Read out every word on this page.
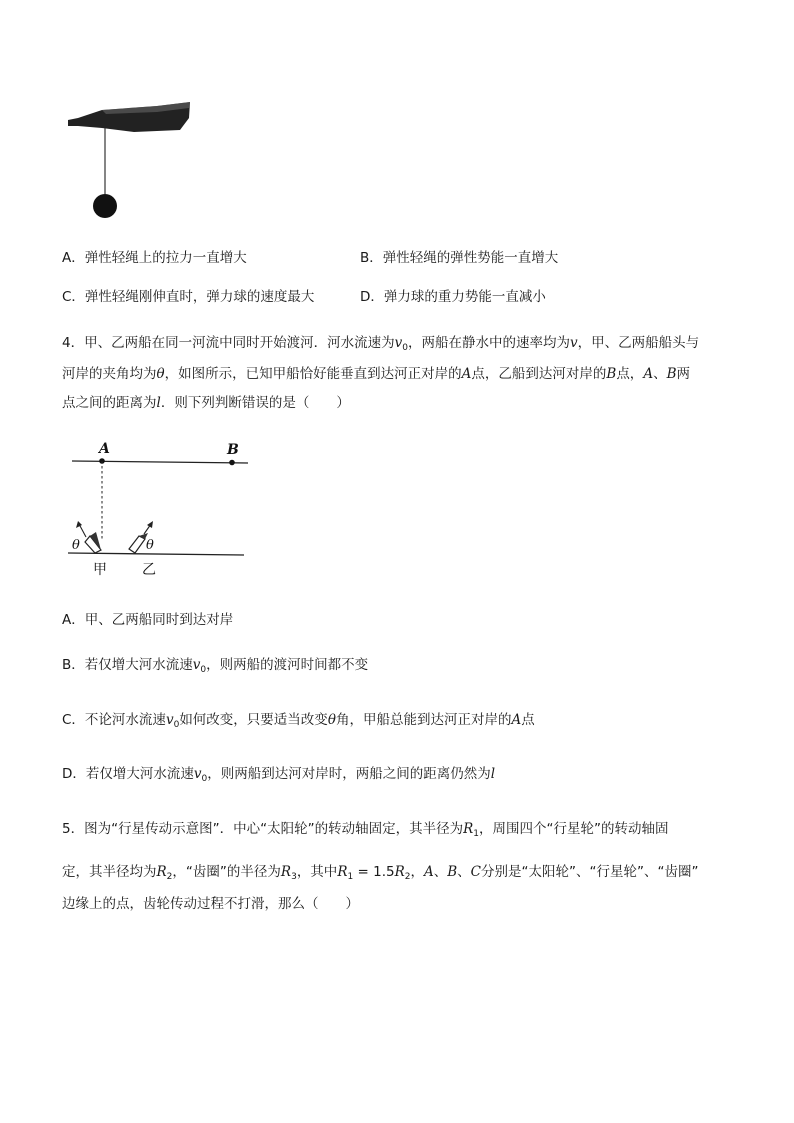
A．弹性轻绳上的拉力一直增大	B．弹性轻绳的弹性势能一直增大
C．弹性轻绳刚伸直时，弹力球的速度最大	D．弹力球的重力势能一直减小
4．甲、乙两船在同一河流中同时开始渡河．河水流速为$v_0$，两船在静水中的速率均为v，甲、乙两船船头与
河岸的夹角均为θ，如图所示，已知甲船恰好能垂直到达河正对岸的A点，乙船到达河对岸的B点，A、B两
点之间的距离为l．则下列判断错误的是（　　）
A	B
θ	θ
甲	乙
A．甲、乙两船同时到达对岸
B．若仅增大河水流速$v_0$，则两船的渡河时间都不变
C．不论河水流速$v_0$如何改变，只要适当改变θ角，甲船总能到达河正对岸的A点
D．若仅增大河水流速$v_0$，则两船到达河对岸时，两船之间的距离仍然为l
5．图为“行星传动示意图”．中心“太阳轮”的转动轴固定，其半径为$R_1$，周围四个“行星轮”的转动轴固
定，其半径均为$R_2$，“齿圈”的半径为$R_3$，其中$R_1 = 1.5R_2$，A、B、C分别是“太阳轮”、“行星轮”、“齿圈”
边缘上的点，齿轮传动过程不打滑，那么（　　）
